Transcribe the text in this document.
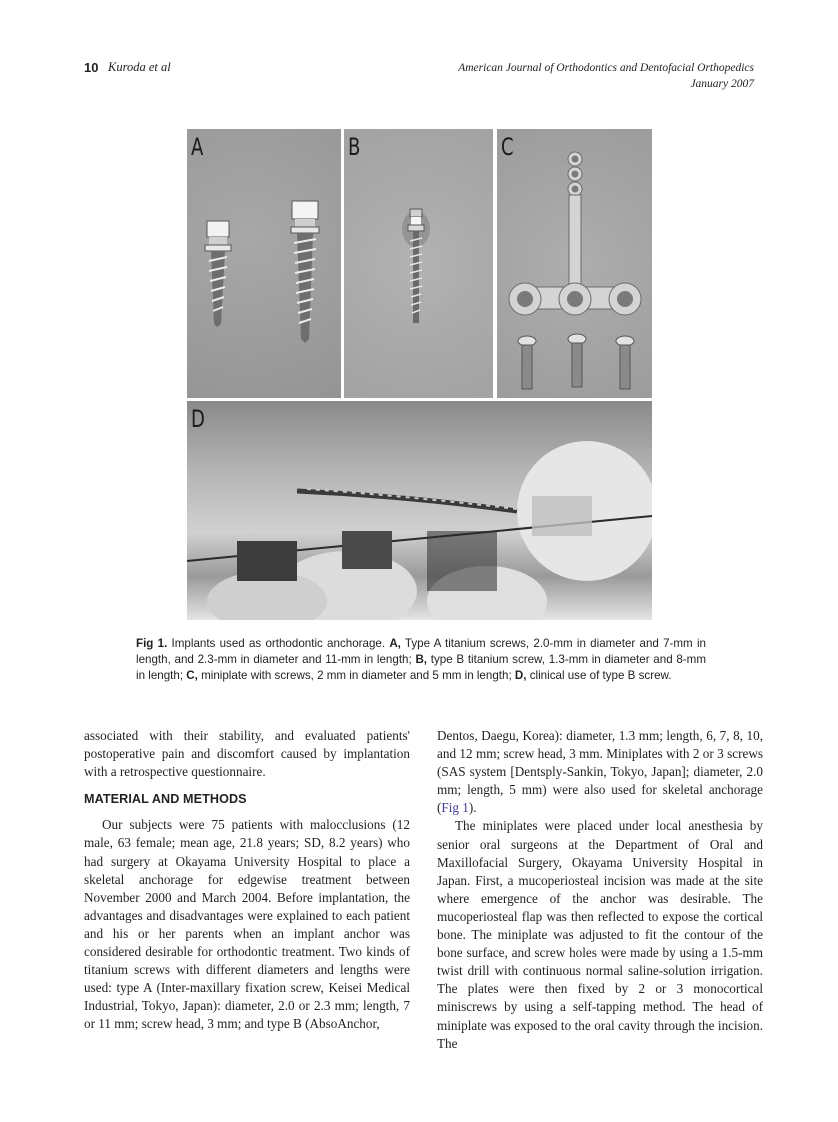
10 Kuroda et al	American Journal of Orthodontics and Dentofacial Orthopedics
January 2007
A	B	C
D
Fig 1. Implants used as orthodontic anchorage. A, Type A titanium screws, 2.0-mm in diameter and 7-mm in length, and 2.3-mm in diameter and 11-mm in length; B, type B titanium screw, 1.3-mm in diameter and 8-mm in length; C, miniplate with screws, 2 mm in diameter and 5 mm in length; D, clinical use of type B screw.

associated with their stability, and evaluated patients' postoperative pain and discomfort caused by implantation with a retrospective questionnaire.

MATERIAL AND METHODS

Our subjects were 75 patients with malocclusions (12 male, 63 female; mean age, 21.8 years; SD, 8.2 years) who had surgery at Okayama University Hospital to place a skeletal anchorage for edgewise treatment between November 2000 and March 2004. Before implantation, the advantages and disadvantages were explained to each patient and his or her parents when an implant anchor was considered desirable for orthodontic treatment. Two kinds of titanium screws with different diameters and lengths were used: type A (Inter-maxillary fixation screw, Keisei Medical Industrial, Tokyo, Japan): diameter, 2.0 or 2.3 mm; length, 7 or 11 mm; screw head, 3 mm; and type B (AbsoAnchor,

Dentos, Daegu, Korea): diameter, 1.3 mm; length, 6, 7, 8, 10, and 12 mm; screw head, 3 mm. Miniplates with 2 or 3 screws (SAS system [Dentsply-Sankin, Tokyo, Japan]; diameter, 2.0 mm; length, 5 mm) were also used for skeletal anchorage (Fig 1).

The miniplates were placed under local anesthesia by senior oral surgeons at the Department of Oral and Maxillofacial Surgery, Okayama University Hospital in Japan. First, a mucoperiosteal incision was made at the site where emergence of the anchor was desirable. The mucoperiosteal flap was then reflected to expose the cortical bone. The miniplate was adjusted to fit the contour of the bone surface, and screw holes were made by using a 1.5-mm twist drill with continuous normal saline-solution irrigation. The plates were then fixed by 2 or 3 monocortical miniscrews by using a self-tapping method. The head of miniplate was exposed to the oral cavity through the incision. The
